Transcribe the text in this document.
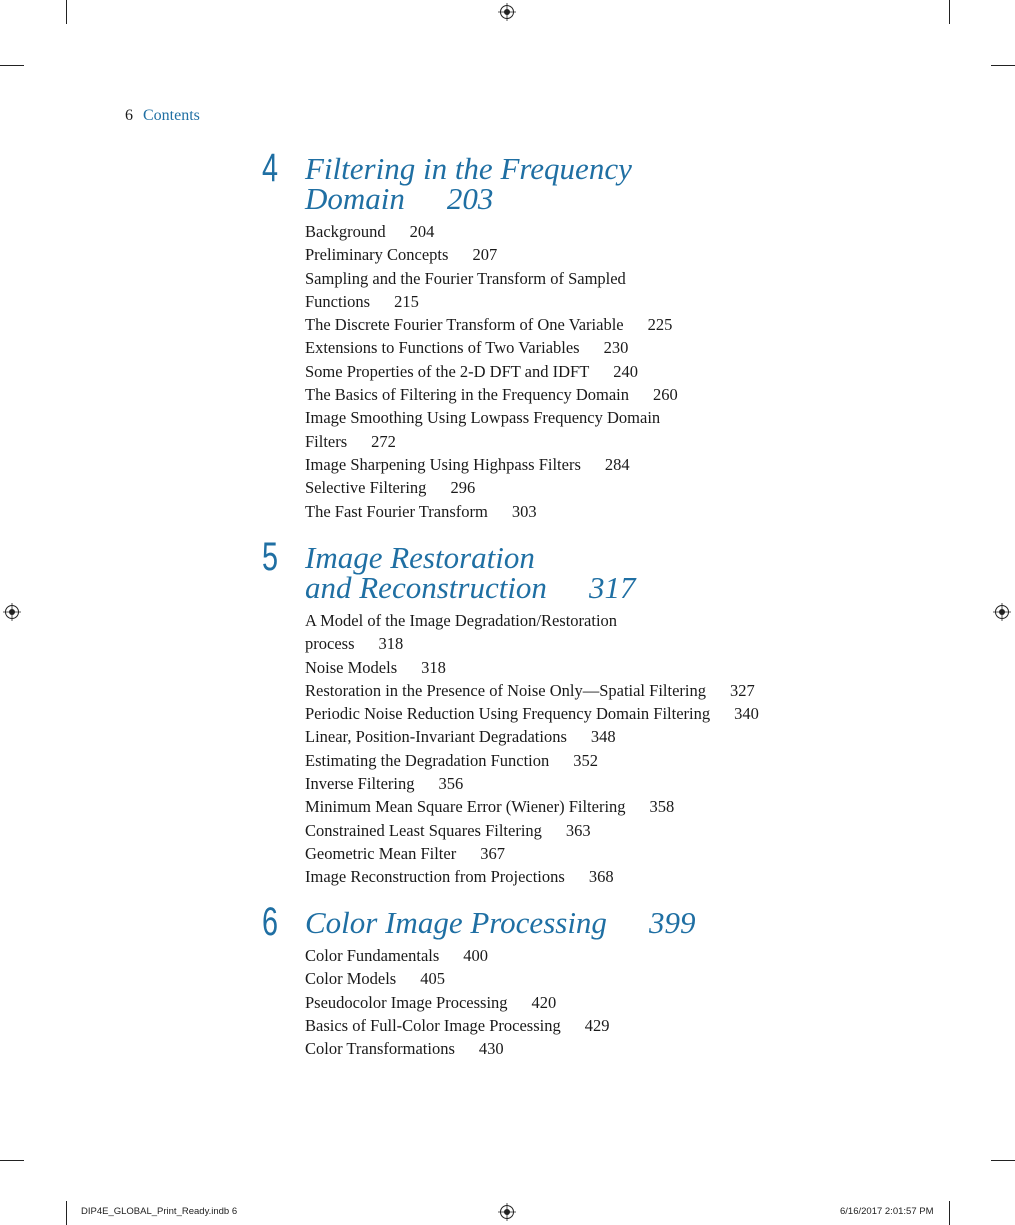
6 Contents
4 Filtering in the Frequency
Domain 203
Background 204
Preliminary Concepts 207
Sampling and the Fourier Transform of Sampled
Functions 215
The Discrete Fourier Transform of One Variable 225
Extensions to Functions of Two Variables 230
Some Properties of the 2-D DFT and IDFT 240
The Basics of Filtering in the Frequency Domain 260
Image Smoothing Using Lowpass Frequency Domain
Filters 272
Image Sharpening Using Highpass Filters 284
Selective Filtering 296
The Fast Fourier Transform 303
5 Image Restoration
and Reconstruction 317
A Model of the Image Degradation/Restoration
process 318
Noise Models 318
Restoration in the Presence of Noise Only—Spatial Filtering 327
Periodic Noise Reduction Using Frequency Domain Filtering 340
Linear, Position-Invariant Degradations 348
Estimating the Degradation Function 352
Inverse Filtering 356
Minimum Mean Square Error (Wiener) Filtering 358
Constrained Least Squares Filtering 363
Geometric Mean Filter 367
Image Reconstruction from Projections 368
6 Color Image Processing 399
Color Fundamentals 400
Color Models 405
Pseudocolor Image Processing 420
Basics of Full-Color Image Processing 429
Color Transformations 430
DIP4E_GLOBAL_Print_Ready.indb 6	6/16/2017 2:01:57 PM
